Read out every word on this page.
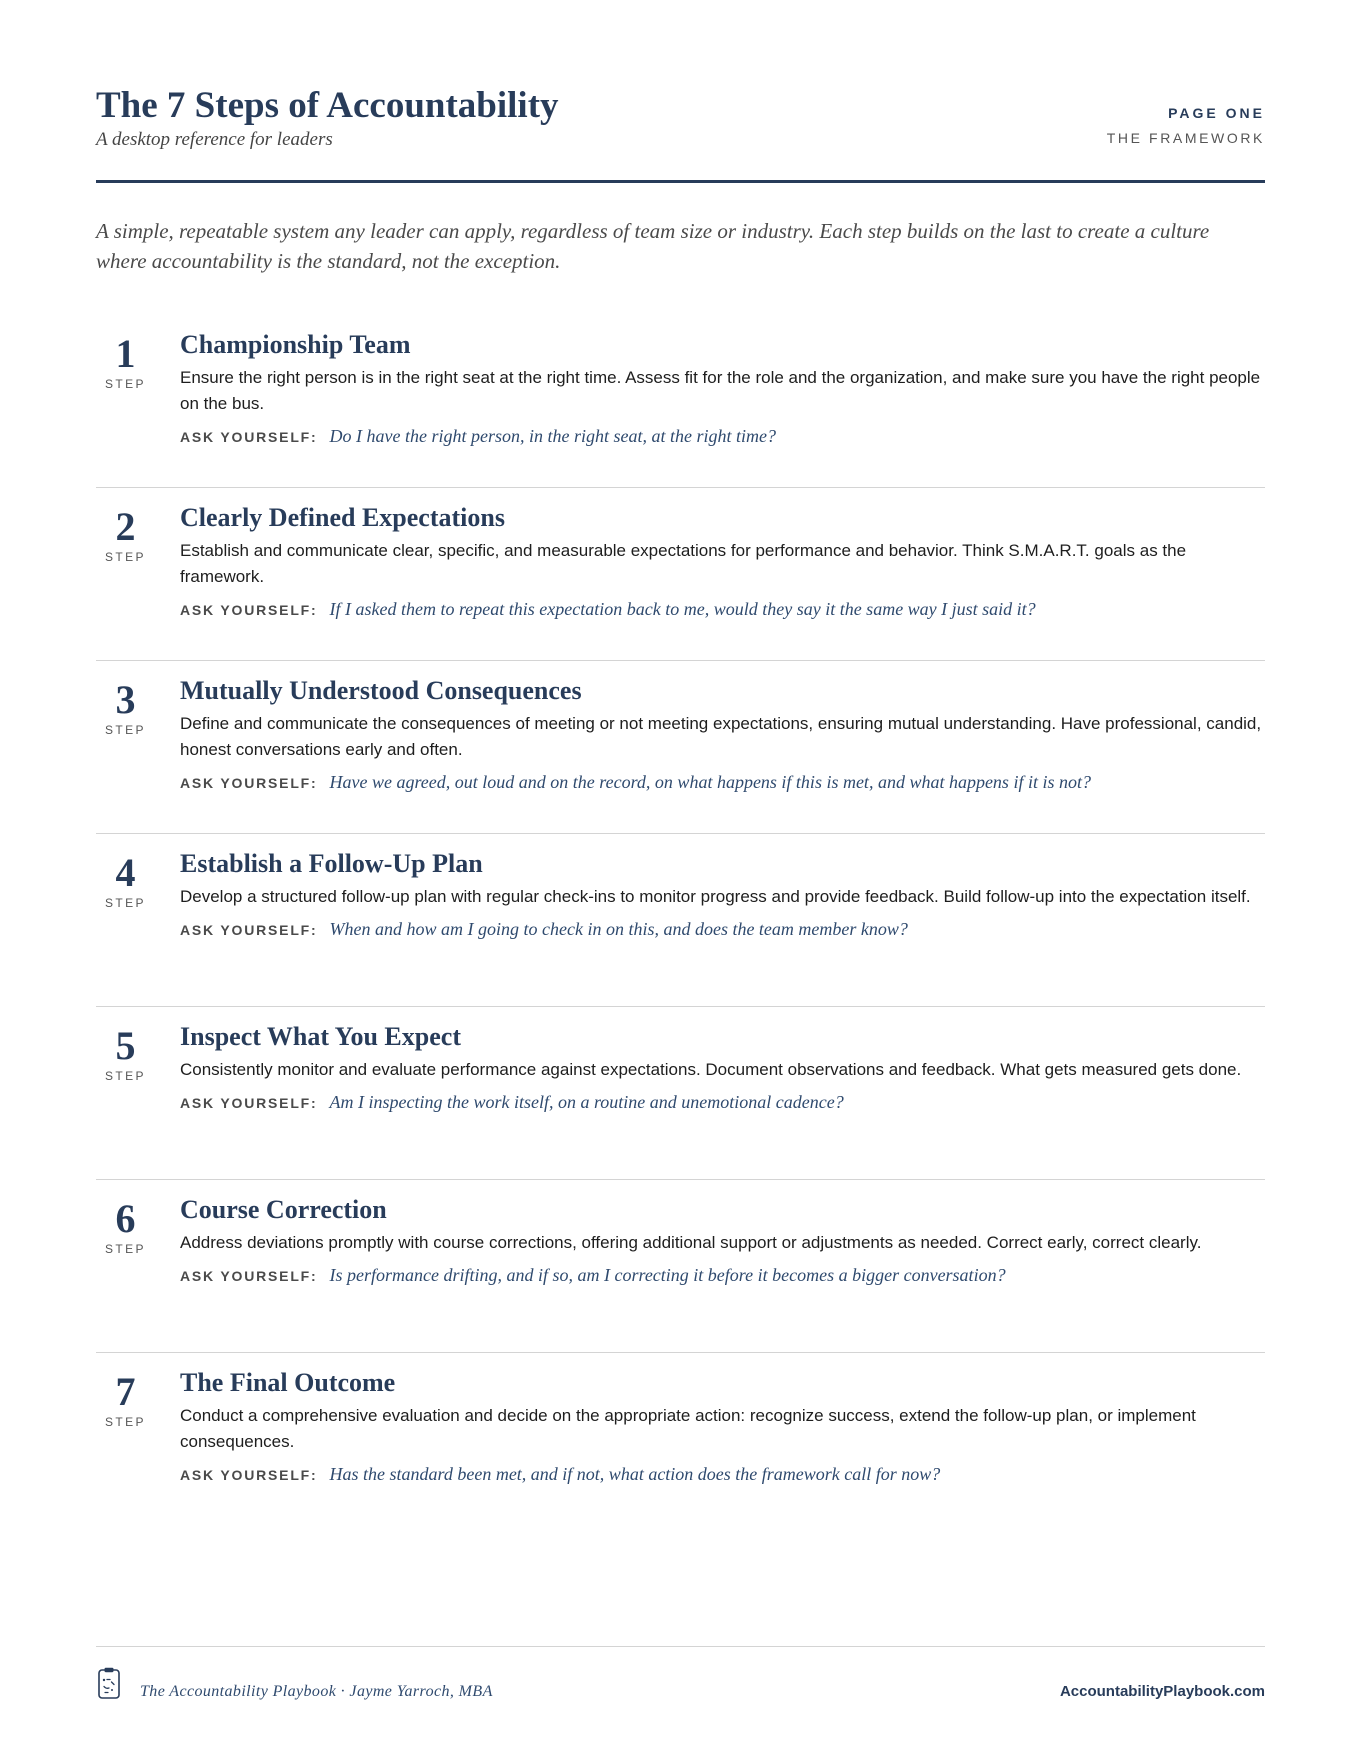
The 7 Steps of Accountability
A desktop reference for leaders
PAGE ONE
THE FRAMEWORK

A simple, repeatable system any leader can apply, regardless of team size or industry. Each step builds on the last to create a culture where accountability is the standard, not the exception.

1
STEP
Championship Team

Ensure the right person is in the right seat at the right time. Assess fit for the role and the organization, and make sure you have the right people on the bus.

ASK YOURSELF: Do I have the right person, in the right seat, at the right time?
2
STEP
Clearly Defined Expectations

Establish and communicate clear, specific, and measurable expectations for performance and behavior. Think S.M.A.R.T. goals as the framework.

ASK YOURSELF: If I asked them to repeat this expectation back to me, would they say it the same way I just said it?
3
STEP
Mutually Understood Consequences

Define and communicate the consequences of meeting or not meeting expectations, ensuring mutual understanding. Have professional, candid, honest conversations early and often.

ASK YOURSELF: Have we agreed, out loud and on the record, on what happens if this is met, and what happens if it is not?
4
STEP
Establish a Follow-Up Plan

Develop a structured follow-up plan with regular check-ins to monitor progress and provide feedback. Build follow-up into the expectation itself.

ASK YOURSELF: When and how am I going to check in on this, and does the team member know?
5
STEP
Inspect What You Expect

Consistently monitor and evaluate performance against expectations. Document observations and feedback. What gets measured gets done.

ASK YOURSELF: Am I inspecting the work itself, on a routine and unemotional cadence?
6
STEP
Course Correction

Address deviations promptly with course corrections, offering additional support or adjustments as needed. Correct early, correct clearly.

ASK YOURSELF: Is performance drifting, and if so, am I correcting it before it becomes a bigger conversation?
7
STEP
The Final Outcome

Conduct a comprehensive evaluation and decide on the appropriate action: recognize success, extend the follow-up plan, or implement consequences.

ASK YOURSELF: Has the standard been met, and if not, what action does the framework call for now?
The Accountability Playbook · Jayme Yarroch, MBA	AccountabilityPlaybook.com
